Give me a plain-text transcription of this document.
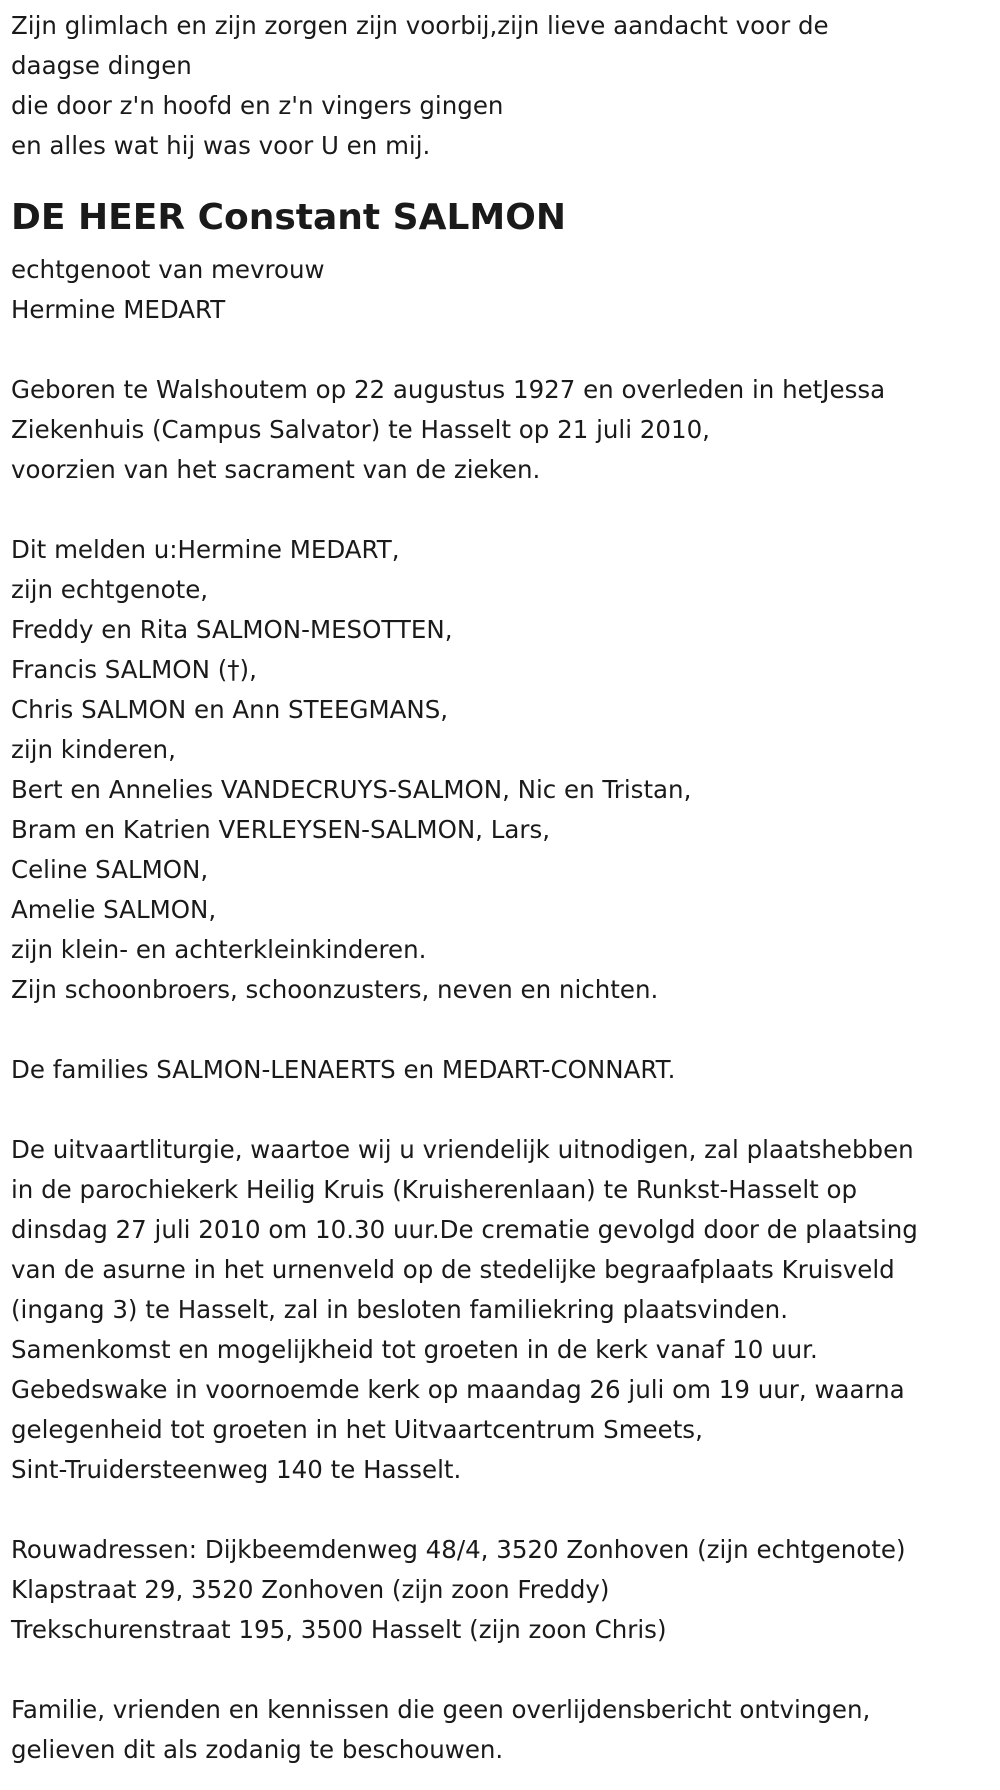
Zijn glimlach en zijn zorgen zijn voorbij,zijn lieve aandacht voor de
daagse dingen
die door z'n hoofd en z'n vingers gingen
en alles wat hij was voor U en mij.
DE HEER Constant SALMON
echtgenoot van mevrouw
Hermine MEDART
Geboren te Walshoutem op 22 augustus 1927 en overleden in hetJessa
Ziekenhuis (Campus Salvator) te Hasselt op 21 juli 2010,
voorzien van het sacrament van de zieken.
Dit melden u:Hermine MEDART,
zijn echtgenote,
Freddy en Rita SALMON-MESOTTEN,
Francis SALMON (†),
Chris SALMON en Ann STEEGMANS,
zijn kinderen,
Bert en Annelies VANDECRUYS-SALMON, Nic en Tristan,
Bram en Katrien VERLEYSEN-SALMON, Lars,
Celine SALMON,
Amelie SALMON,
zijn klein- en achterkleinkinderen.
Zijn schoonbroers, schoonzusters, neven en nichten.
De families SALMON-LENAERTS en MEDART-CONNART.
De uitvaartliturgie, waartoe wij u vriendelijk uitnodigen, zal plaatshebben
in de parochiekerk Heilig Kruis (Kruisherenlaan) te Runkst-Hasselt op
dinsdag 27 juli 2010 om 10.30 uur.De crematie gevolgd door de plaatsing
van de asurne in het urnenveld op de stedelijke begraafplaats Kruisveld
(ingang 3) te Hasselt, zal in besloten familiekring plaatsvinden.
Samenkomst en mogelijkheid tot groeten in de kerk vanaf 10 uur.
Gebedswake in voornoemde kerk op maandag 26 juli om 19 uur, waarna
gelegenheid tot groeten in het Uitvaartcentrum Smeets,
Sint-Truidersteenweg 140 te Hasselt.
Rouwadressen: Dijkbeemdenweg 48/4, 3520 Zonhoven (zijn echtgenote)
Klapstraat 29, 3520 Zonhoven (zijn zoon Freddy)
Trekschurenstraat 195, 3500 Hasselt (zijn zoon Chris)
Familie, vrienden en kennissen die geen overlijdensbericht ontvingen,
gelieven dit als zodanig te beschouwen.
